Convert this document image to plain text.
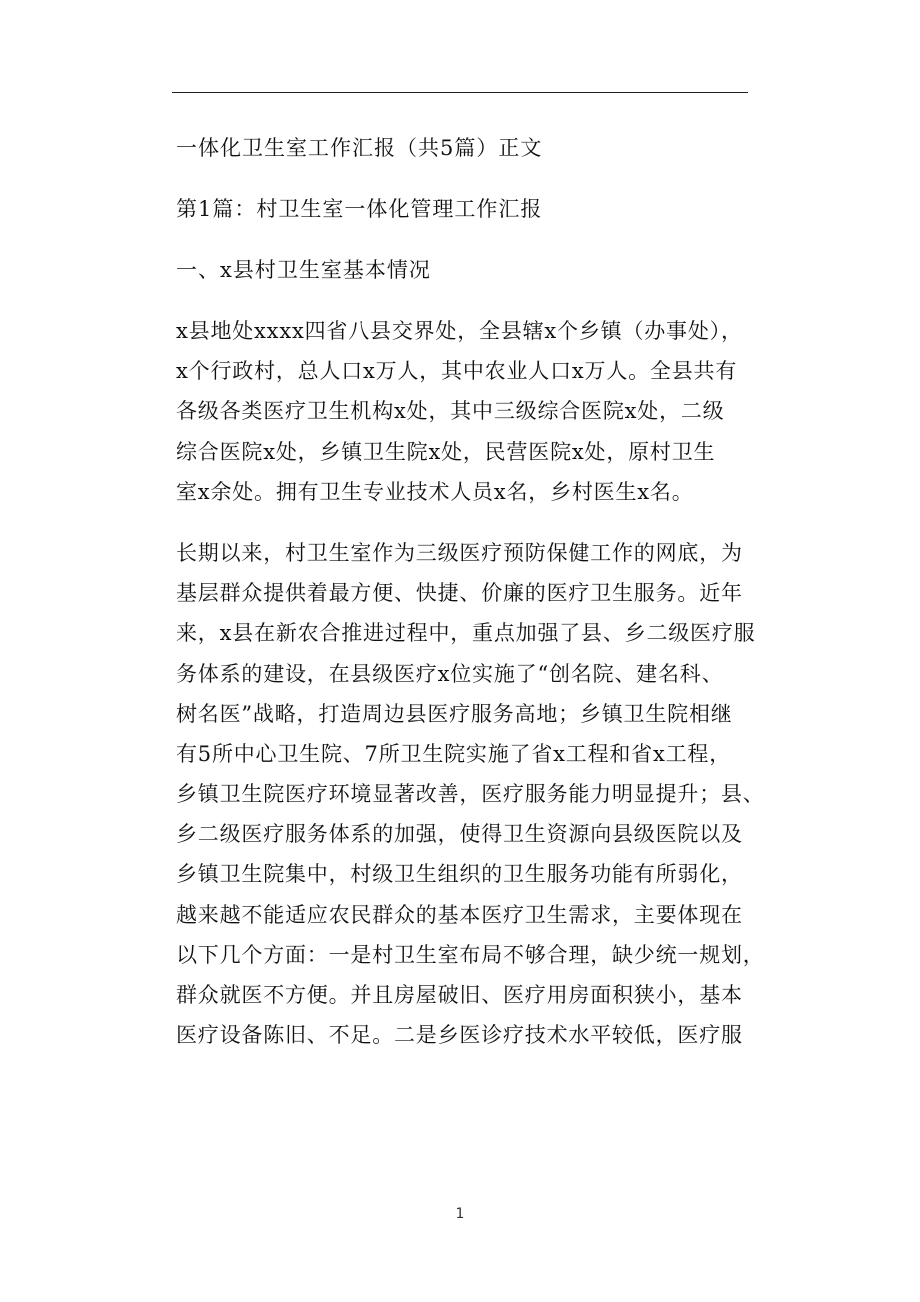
一体化卫生室工作汇报（共5篇）正文

第1篇：村卫生室一体化管理工作汇报

一、x县村卫生室基本情况

x县地处xxxx四省八县交界处，全县辖x个乡镇（办事处），
x个行政村，总人口x万人，其中农业人口x万人。全县共有
各级各类医疗卫生机构x处，其中三级综合医院x处，二级
综合医院x处，乡镇卫生院x处，民营医院x处，原村卫生
室x余处。拥有卫生专业技术人员x名，乡村医生x名。
长期以来，村卫生室作为三级医疗预防保健工作的网底，为
基层群众提供着最方便、快捷、价廉的医疗卫生服务。近年
来，x县在新农合推进过程中，重点加强了县、乡二级医疗服
务体系的建设，在县级医疗x位实施了“创名院、建名科、
树名医”战略，打造周边县医疗服务高地；乡镇卫生院相继
有5所中心卫生院、7所卫生院实施了省x工程和省x工程，
乡镇卫生院医疗环境显著改善，医疗服务能力明显提升；县、
乡二级医疗服务体系的加强，使得卫生资源向县级医院以及
乡镇卫生院集中，村级卫生组织的卫生服务功能有所弱化，
越来越不能适应农民群众的基本医疗卫生需求，主要体现在
以下几个方面：一是村卫生室布局不够合理，缺少统一规划，
群众就医不方便。并且房屋破旧、医疗用房面积狭小，基本
医疗设备陈旧、不足。二是乡医诊疗技术水平较低，医疗服
1
